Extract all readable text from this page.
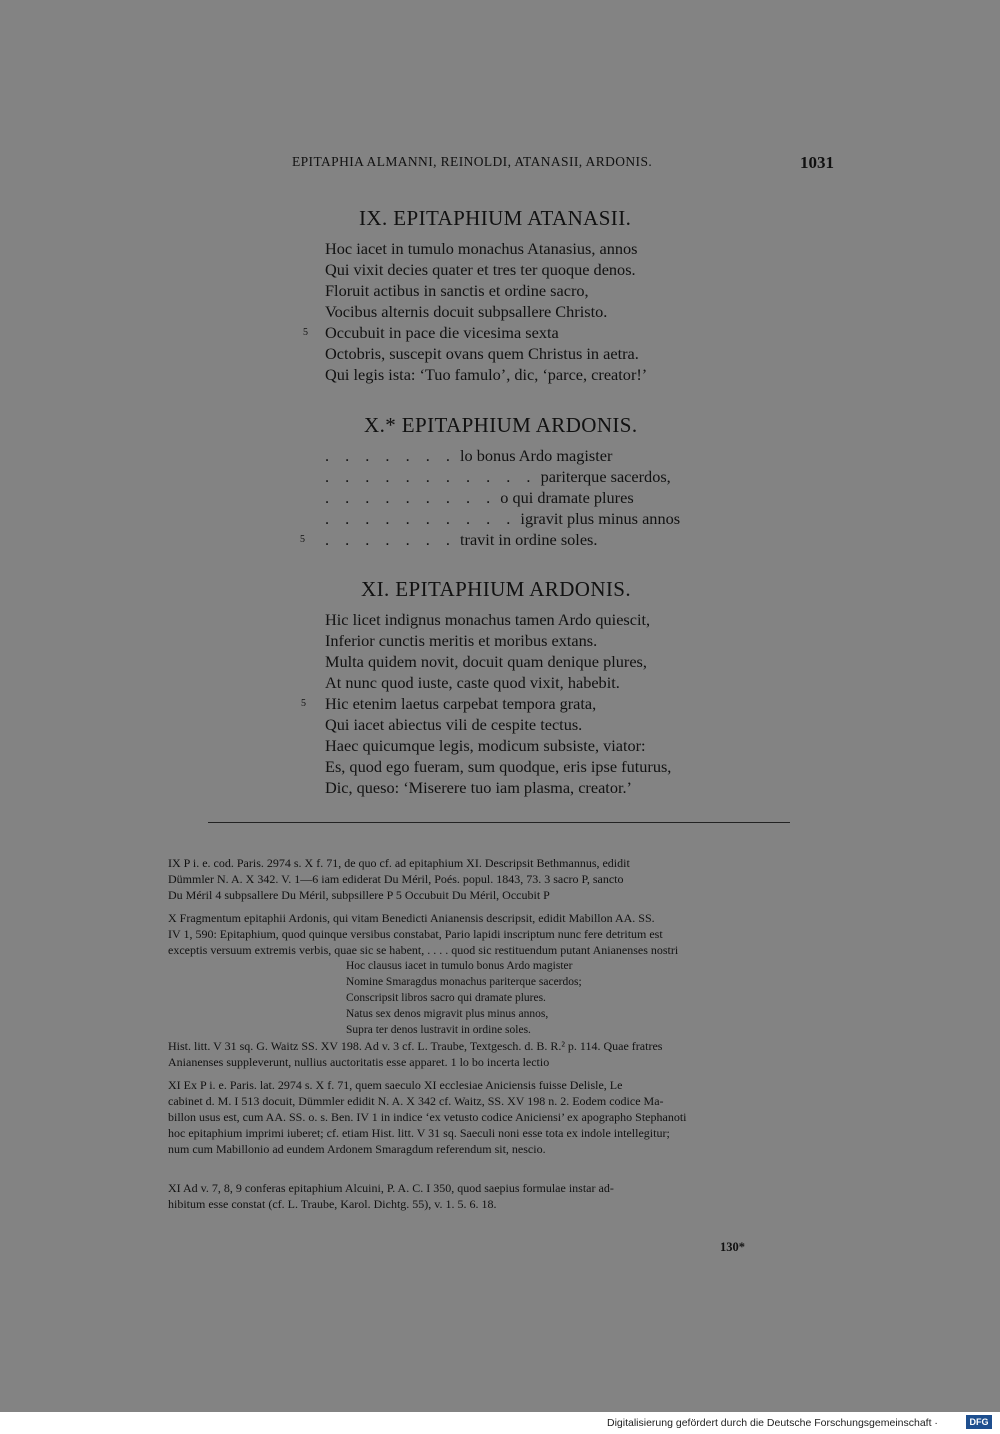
EPITAPHIA ALMANNI, REINOLDI, ATANASII, ARDONIS.	1031
IX. EPITAPHIUM ATANASII.
Hoc iacet in tumulo monachus Atanasius, annos
Qui vixit decies quater et tres ter quoque denos.
Floruit actibus in sanctis et ordine sacro,
Vocibus alternis docuit subpsallere Christo.
5 Occubuit in pace die vicesima sexta
Octobris, suscepit ovans quem Christus in aetra.
Qui legis ista: ‘Tuo famulo’, dic, ‘parce, creator!’
X.* EPITAPHIUM ARDONIS.
. . . . . . . lo bonus Ardo magister
. . . . . . . . . . . pariterque sacerdos,
. . . . . . . . . o qui dramate plures
. . . . . . . . . . igravit plus minus annos
5 . . . . . . . travit in ordine soles.
XI. EPITAPHIUM ARDONIS.
Hic licet indignus monachus tamen Ardo quiescit,
Inferior cunctis meritis et moribus extans.
Multa quidem novit, docuit quam denique plures,
At nunc quod iuste, caste quod vixit, habebit.
5 Hic etenim laetus carpebat tempora grata,
Qui iacet abiectus vili de cespite tectus.
Haec quicumque legis, modicum subsiste, viator:
Es, quod ego fueram, sum quodque, eris ipse futurus,
Dic, queso: ‘Miserere tuo iam plasma, creator.’
IX P i. e. cod. Paris. 2974 s. X f. 71, de quo cf. ad epitaphium XI. Descripsit Bethmannus, edidit
Dümmler N. A. X 342. V. 1—6 iam ediderat Du Méril, Poés. popul. 1843, 73. 3 sacro P, sancto
Du Méril 4 subpsallere Du Méril, subpsillere P 5 Occubuit Du Méril, Occubit P
X Fragmentum epitaphii Ardonis, qui vitam Benedicti Anianensis descripsit, edidit Mabillon AA. SS.
IV 1, 590: Epitaphium, quod quinque versibus constabat, Pario lapidi inscriptum nunc fere detritum est
exceptis versuum extremis verbis, quae sic se habent, . . . . quod sic restituendum putant Anianenses nostri
Hoc clausus iacet in tumulo bonus Ardo magister
Nomine Smaragdus monachus pariterque sacerdos;
Conscripsit libros sacro qui dramate plures.
Natus sex denos migravit plus minus annos,
Supra ter denos lustravit in ordine soles.
Hist. litt. V 31 sq. G. Waitz SS. XV 198. Ad v. 3 cf. L. Traube, Textgesch. d. B. R.² p. 114. Quae fratres
Anianenses suppleverunt, nullius auctoritatis esse apparet. 1 lo bo incerta lectio
XI Ex P i. e. Paris. lat. 2974 s. X f. 71, quem saeculo XI ecclesiae Aniciensis fuisse Delisle, Le
cabinet d. M. I 513 docuit, Dümmler edidit N. A. X 342 cf. Waitz, SS. XV 198 n. 2. Eodem codice Ma-
billon usus est, cum AA. SS. o. s. Ben. IV 1 in indice ‘ex vetusto codice Aniciensi’ ex apographo Stephanoti
hoc epitaphium imprimi iuberet; cf. etiam Hist. litt. V 31 sq. Saeculi noni esse tota ex indole intellegitur;
num cum Mabillonio ad eundem Ardonem Smaragdum referendum sit, nescio.
XI Ad v. 7, 8, 9 conferas epitaphium Alcuini, P. A. C. I 350, quod saepius formulae instar ad-
hibitum esse constat (cf. L. Traube, Karol. Dichtg. 55), v. 1. 5. 6. 18.
130*
Digitalisierung gefördert durch die Deutsche Forschungsgemeinschaft ·	DFG
